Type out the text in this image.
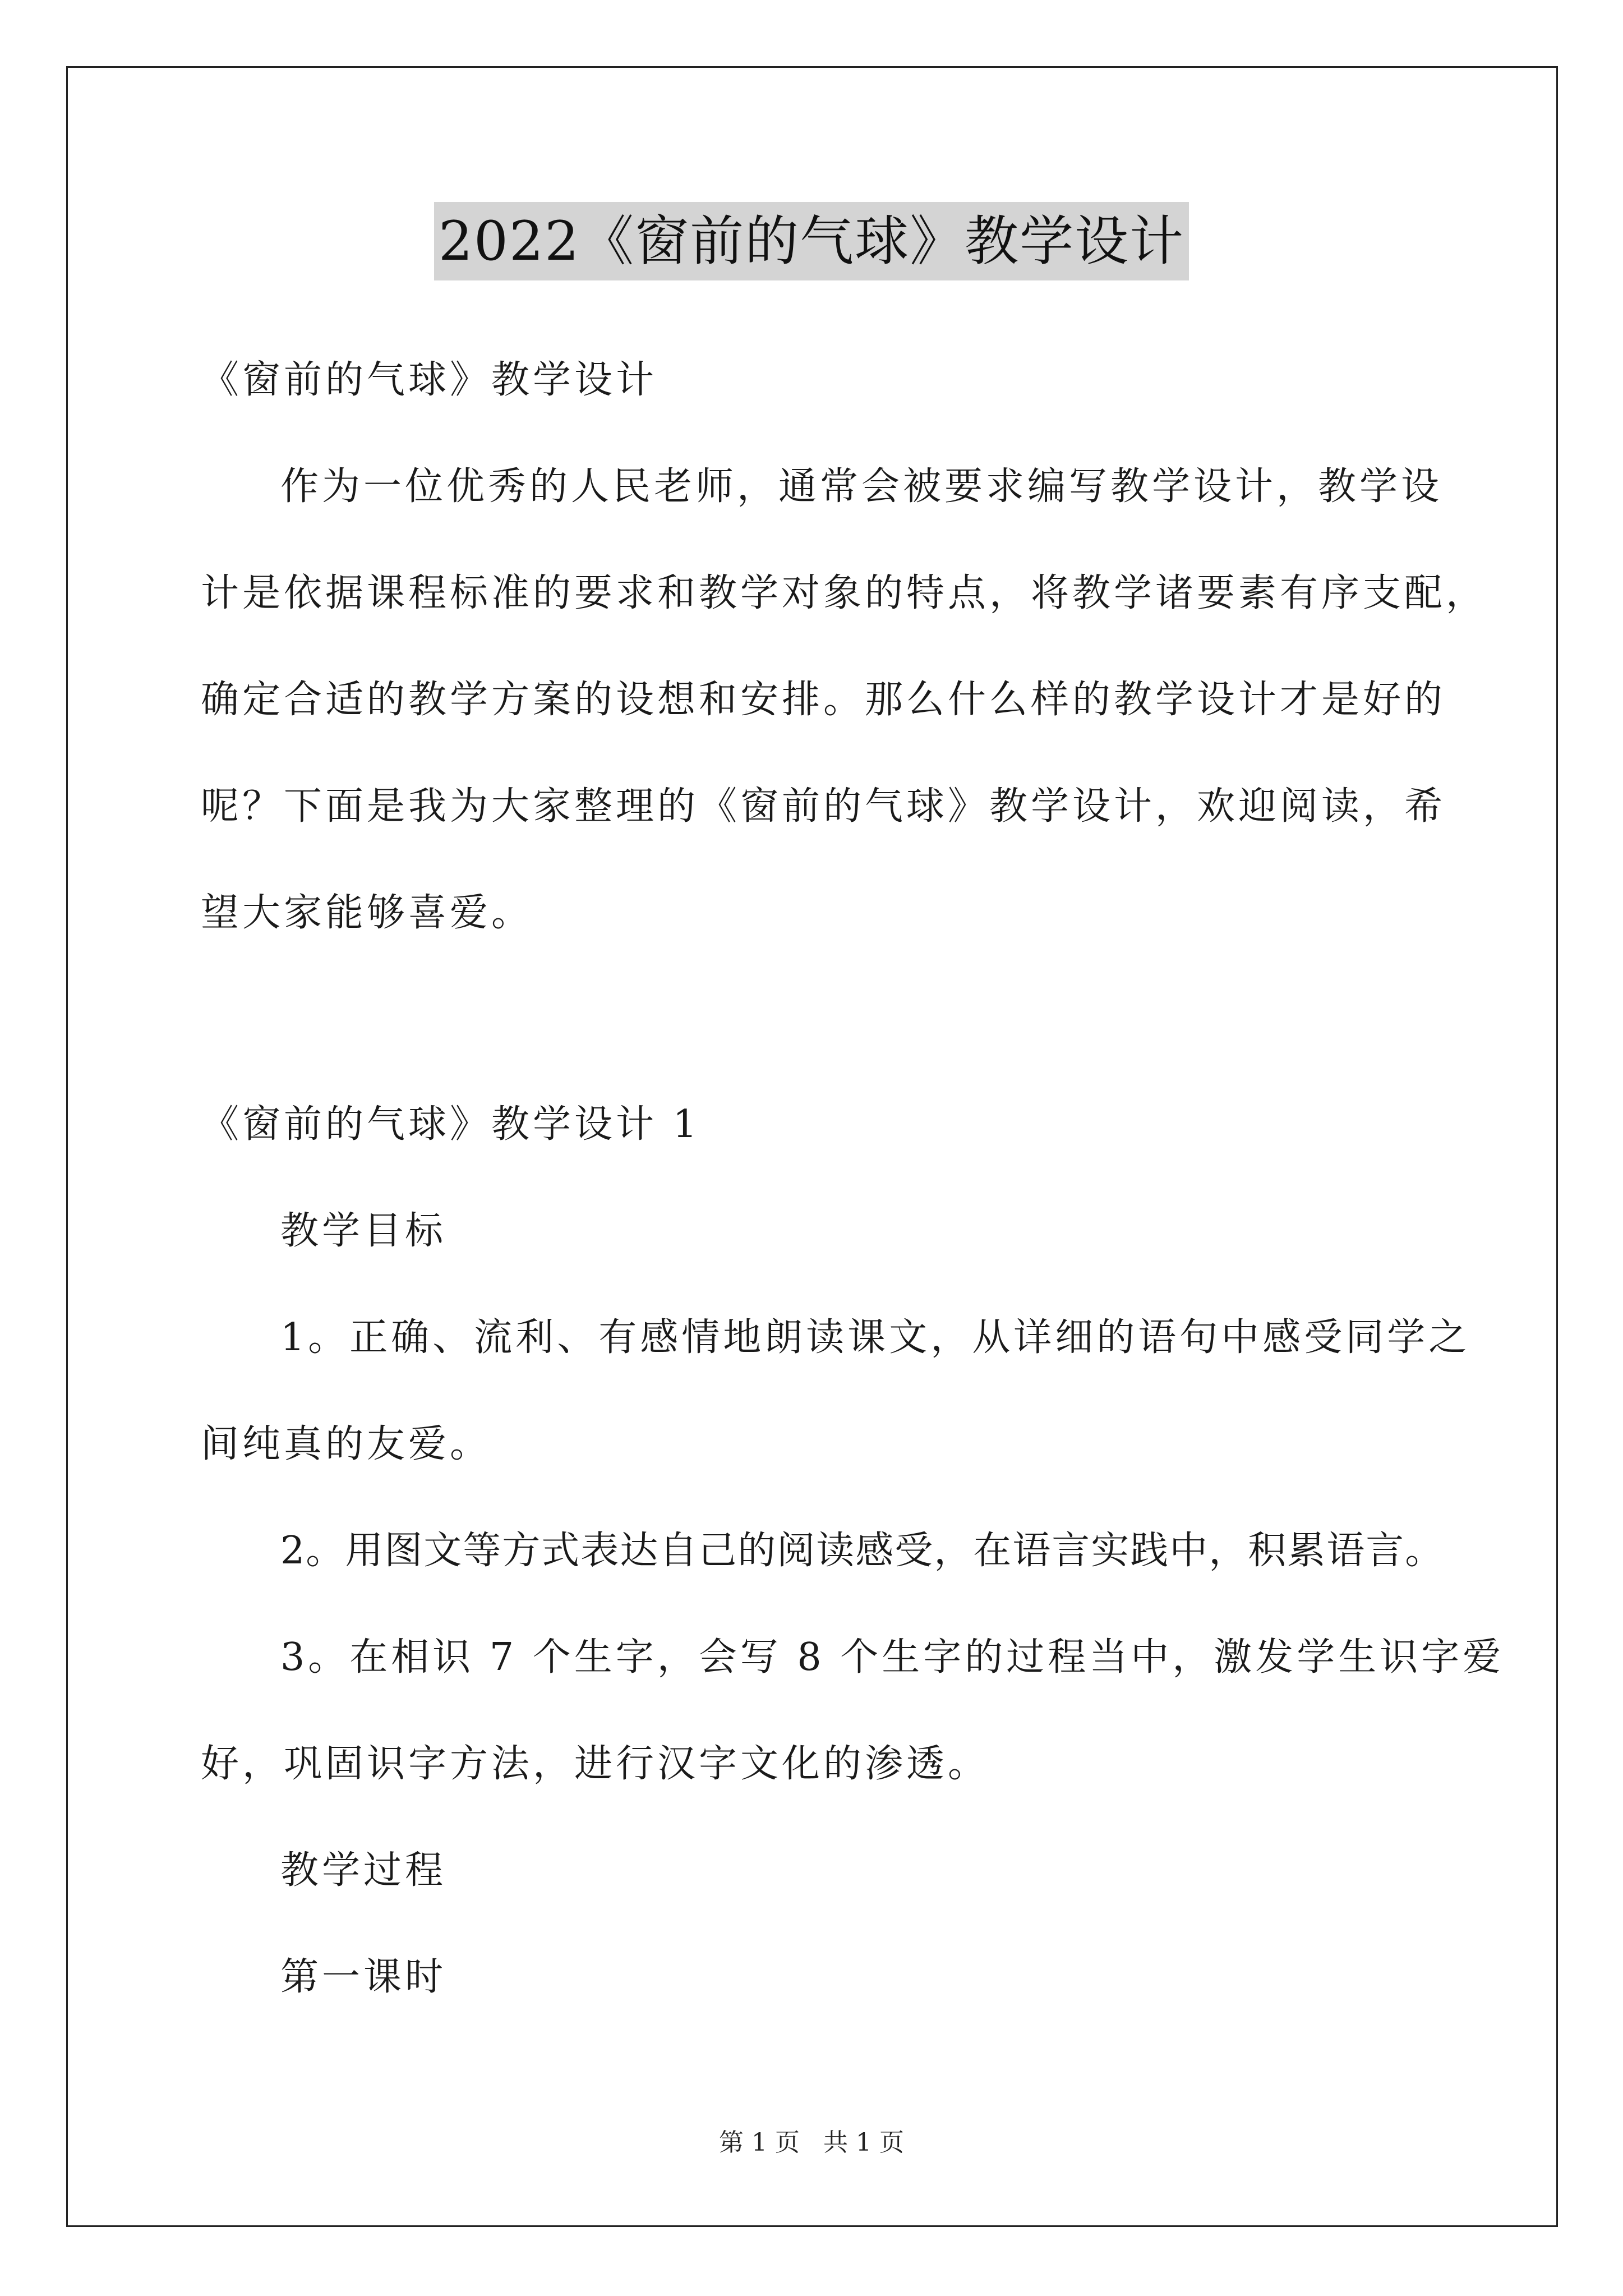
2022《窗前的气球》教学设计
《窗前的气球》教学设计
作为一位优秀的人民老师，通常会被要求编写教学设计，教学设
计是依据课程标准的要求和教学对象的特点，将教学诸要素有序支配，
确定合适的教学方案的设想和安排。那么什么样的教学设计才是好的
呢？下面是我为大家整理的《窗前的气球》教学设计，欢迎阅读，希
望大家能够喜爱。
《窗前的气球》教学设计 1
教学目标
1。正确、流利、有感情地朗读课文，从详细的语句中感受同学之
间纯真的友爱。
2。用图文等方式表达自己的阅读感受，在语言实践中，积累语言。
3。在相识 7 个生字，会写 8 个生字的过程当中，激发学生识字爱
好，巩固识字方法，进行汉字文化的渗透。
教学过程
第一课时
第 1 页 共 1 页
